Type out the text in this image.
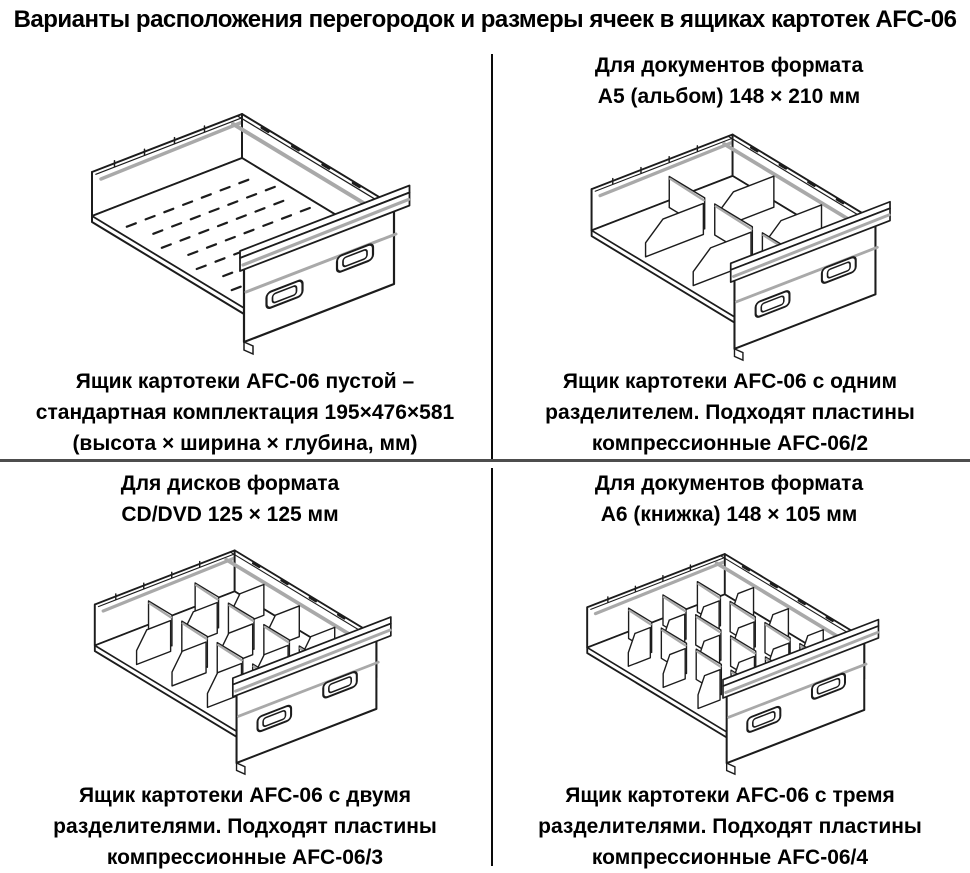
Варианты расположения перегородок и размеры ячеек в ящиках картотек AFC-06
Ящик картотеки AFC-06 пустой –
стандартная комплектация 195×476×581
(высота × ширина × глубина, мм)
Для документов формата
А5 (альбом) 148 × 210 мм
Ящик картотеки AFC-06 с одним
разделителем. Подходят пластины
компрессионные AFC-06/2
Для дисков формата
CD/DVD 125 × 125 мм
Ящик картотеки AFC-06 с двумя
разделителями. Подходят пластины
компрессионные AFC-06/3
Для документов формата
А6 (книжка) 148 × 105 мм
Ящик картотеки AFC-06 с тремя
разделителями. Подходят пластины
компрессионные AFC-06/4
